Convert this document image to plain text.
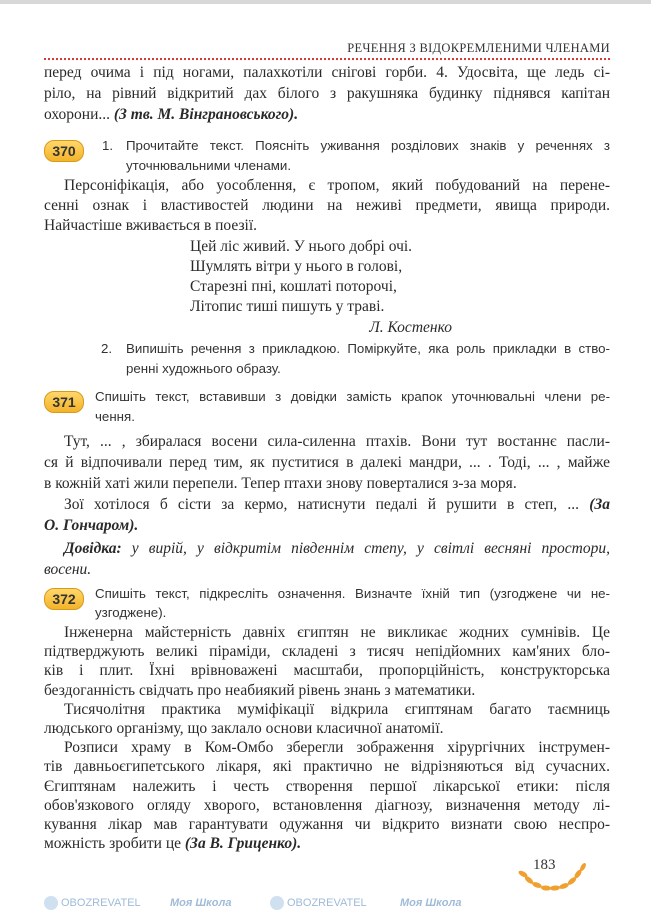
OBOZREVATEL	Моя Школа	OBOZREVATEL	Моя Школа
РЕЧЕННЯ З ВІДОКРЕМЛЕНИМИ ЧЛЕНАМИ
перед очима і під ногами, палахкотіли снігові горби. 4. Удосвіта, ще ледь сі-
ріло, на рівний відкритий дах білого з ракушняка будинку піднявся капітан
охорони... (З тв. М. Вінграновського).
370	1. Прочитайте текст. Поясніть уживання розділових знаків у реченнях з
уточнювальними членами.
Персоніфікація, або уособлення, є тропом, який побудований на перене-
сенні ознак і властивостей людини на неживі предмети, явища природи.
Найчастіше вживається в поезії.
Цей ліс живий. У нього добрі очі.
Шумлять вітри у нього в голові,
Старезні пні, кошлаті поторочі,
Літопис тиші пишуть у траві.
Л. Костенко
2. Випишіть речення з прикладкою. Поміркуйте, яка роль прикладки в ство-
ренні художнього образу.
371	Спишіть текст, вставивши з довідки замість крапок уточнювальні члени ре-
чення.
Тут, ... , збиралася восени сила-силенна птахів. Вони тут востаннє пасли-
ся й відпочивали перед тим, як пуститися в далекі мандри, ... . Тоді, ... , майже
в кожній хаті жили перепели. Тепер птахи знову поверталися з-за моря.
Зої хотілося б сісти за кермо, натиснути педалі й рушити в степ, ... (За
О. Гончаром).
Довідка: у вирій, у відкритім південнім степу, у світлі весняні простори,
восени.
372	Спишіть текст, підкресліть означення. Визначте їхній тип (узгоджене чи не-
узгоджене).
Інженерна майстерність давніх єгиптян не викликає жодних сумнівів. Це
підтверджують великі піраміди, складені з тисяч непідйомних кам'яних бло-
ків і плит. Їхні врівноважені масштаби, пропорційність, конструкторська
бездоганність свідчать про неабиякий рівень знань з математики.
Тисячолітня практика муміфікації відкрила єгиптянам багато таємниць
людського організму, що заклало основи класичної анатомії.
Розписи храму в Ком-Омбо зберегли зображення хірургічних інструмен-
тів давньоєгипетського лікаря, які практично не відрізняються від сучасних.
Єгиптянам належить і честь створення першої лікарської етики: після
обов'язкового огляду хворого, встановлення діагнозу, визначення методу лі-
кування лікар мав гарантувати одужання чи відкрито визнати свою неспро-
можність зробити це (За В. Гриценко).
183
